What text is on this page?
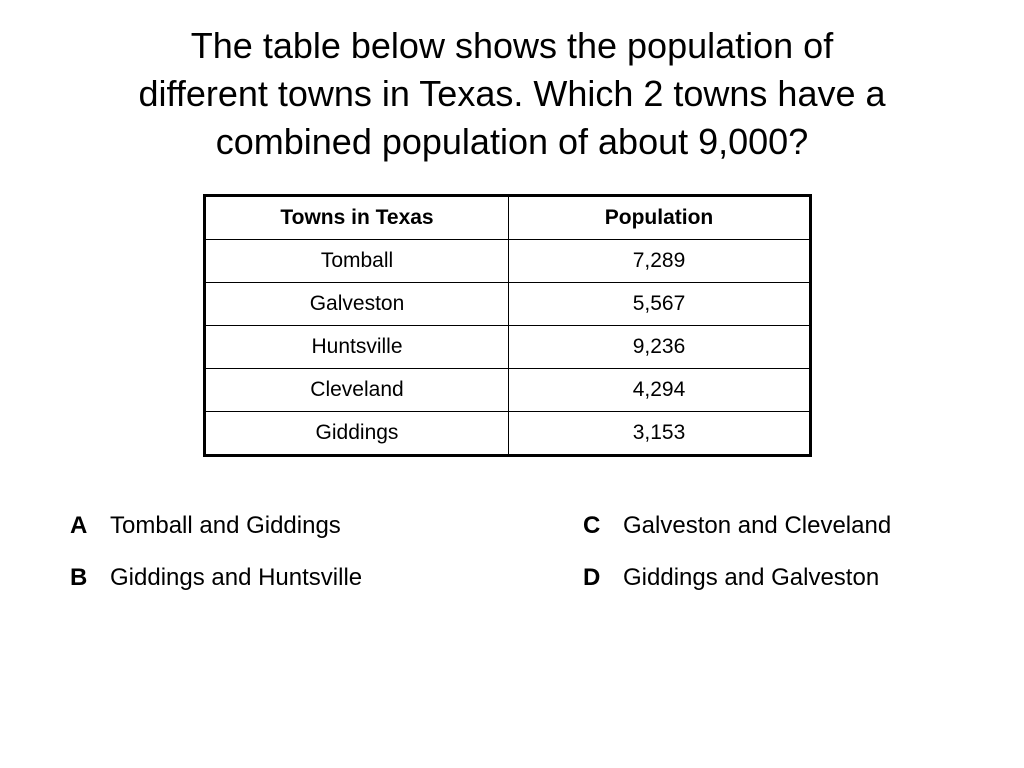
The table below shows the population of
different towns in Texas. Which 2 towns have a
combined population of about 9,000?
Towns in Texas	Population
Tomball	7,289
Galveston	5,567
Huntsville	9,236
Cleveland	4,294
Giddings	3,153
A Tomball and Giddings
B Giddings and Huntsville
C Galveston and Cleveland
D Giddings and Galveston
